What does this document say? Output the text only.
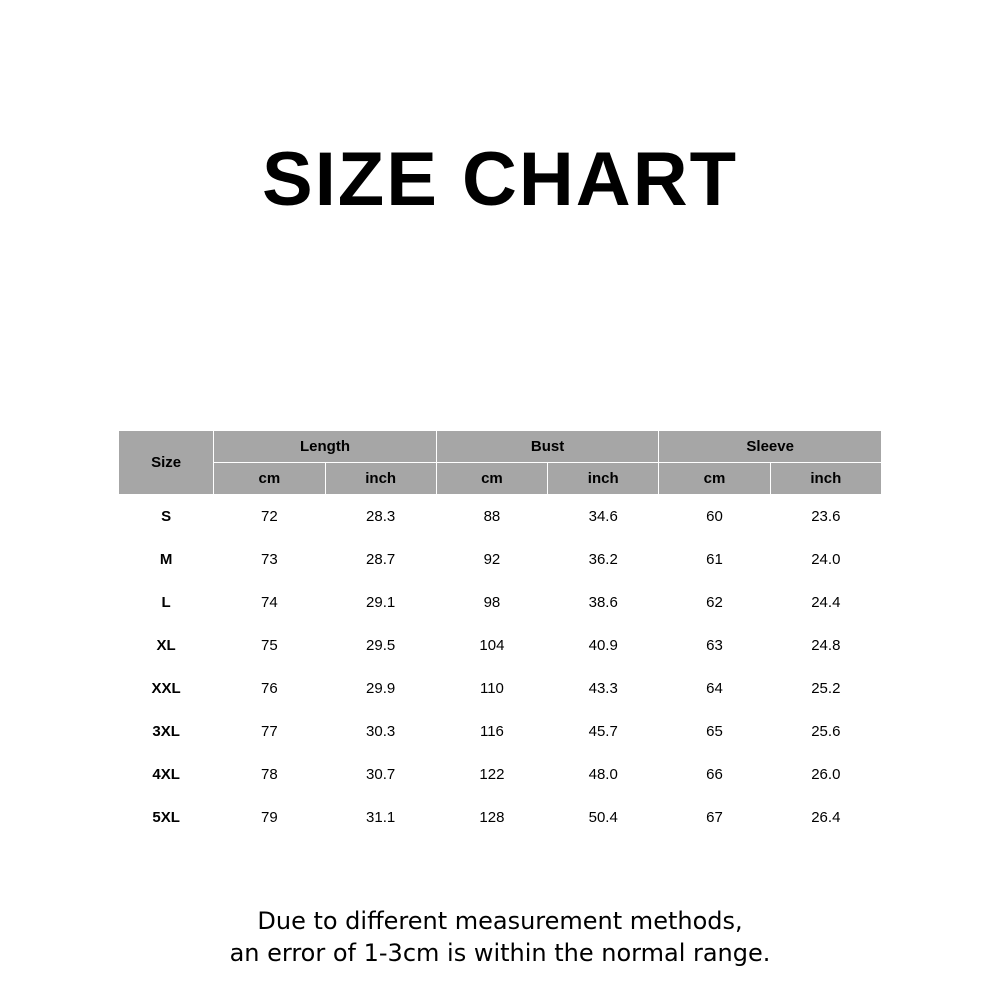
SIZE CHART
Size	Length		Bust		Sleeve	
	cm	inch	cm	inch	cm	inch
S	72	28.3	88	34.6	60	23.6
M	73	28.7	92	36.2	61	24.0
L	74	29.1	98	38.6	62	24.4
XL	75	29.5	104	40.9	63	24.8
XXL	76	29.9	110	43.3	64	25.2
3XL	77	30.3	116	45.7	65	25.6
4XL	78	30.7	122	48.0	66	26.0
5XL	79	31.1	128	50.4	67	26.4
Due to different measurement methods,
an error of 1-3cm is within the normal range.
